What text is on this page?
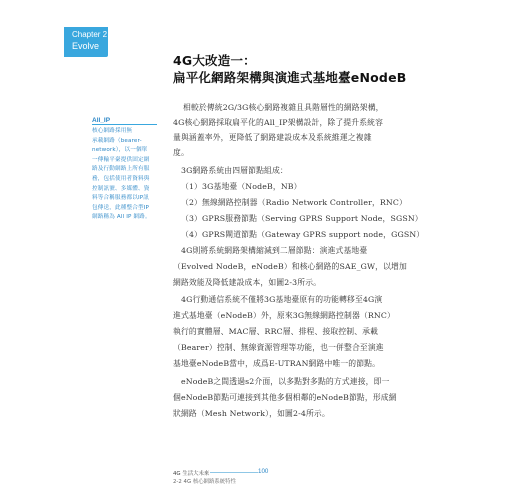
Chapter 2
Evolve
4G大改造一：
扁平化網路架構與演進式基地臺eNodeB
All_IP
核心網路採用無
承載網路（bearer-
network），以一個單
一傳輸平臺提供固定網
路及行動網路上所有服
務，包括使用者資料與
控制訊號、多媒體、資
料等合稱服務都以IP訊
包傳送，此種整合型IP
網路稱為 All IP 網路。
相較於傳統2G/3G核心網路複雜且具階層性的網路架構，
4G核心網路採取扁平化的All_IP架構設計，除了提升系統容
量與涵蓋率外，更降低了網路建設成本及系統維運之複雜
度。
3G網路系統由四層節點組成：
（1）3G基地臺（NodeB，NB）
（2）無線網路控制器（Radio Network Controller，RNC）
（3）GPRS服務節點（Serving GPRS Support Node，SGSN）
（4）GPRS閘道節點（Gateway GPRS support node，GGSN）
4G則將系統網路架構縮減到二層節點：演進式基地臺
（Evolved NodeB，eNodeB）和核心網路的SAE_GW，以增加
網路效能及降低建設成本，如圖2-3所示。
4G行動通信系統不僅將3G基地臺原有的功能轉移至4G演
進式基地臺（eNodeB）外，原來3G無線網路控制器（RNC）
執行的實體層、MAC層、RRC層、排程、接取控制、承載
（Bearer）控制、無線資源管理等功能，也一併整合至演進
基地臺eNodeB當中，成爲E-UTRAN網路中唯一的節點。
eNodeB之間透過s2介面，以多點對多點的方式連接，即一
個eNodeB節點可連接到其他多個相鄰的eNodeB節點，形成網
狀網路（Mesh Network），如圖2-4所示。
4G 生活大未來	100
2-2 4G 核心網路系統特性
